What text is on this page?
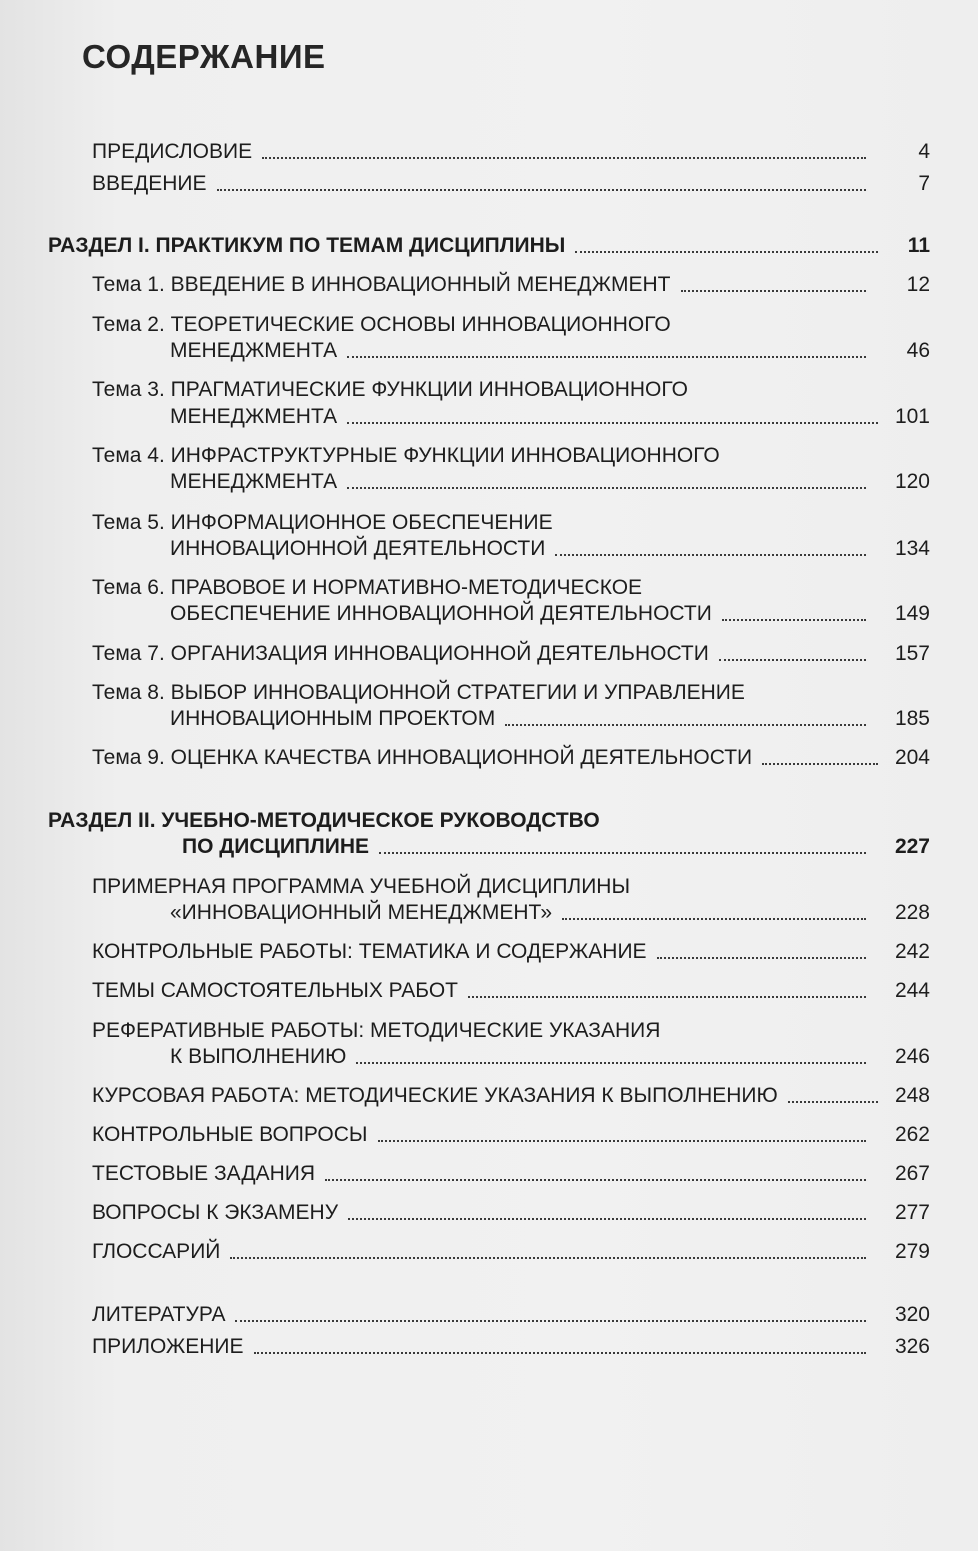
СОДЕРЖАНИЕ
ПРЕДИСЛОВИЕ	4
ВВЕДЕНИЕ	7
РАЗДЕЛ I. ПРАКТИКУМ ПО ТЕМАМ ДИСЦИПЛИНЫ	11
Тема 1. ВВЕДЕНИЕ В ИННОВАЦИОННЫЙ МЕНЕДЖМЕНТ	12
Тема 2. ТЕОРЕТИЧЕСКИЕ ОСНОВЫ ИННОВАЦИОННОГО
МЕНЕДЖМЕНТА	46
Тема 3. ПРАГМАТИЧЕСКИЕ ФУНКЦИИ ИННОВАЦИОННОГО
МЕНЕДЖМЕНТА	101
Тема 4. ИНФРАСТРУКТУРНЫЕ ФУНКЦИИ ИННОВАЦИОННОГО
МЕНЕДЖМЕНТА	120
Тема 5. ИНФОРМАЦИОННОЕ ОБЕСПЕЧЕНИЕ
ИННОВАЦИОННОЙ ДЕЯТЕЛЬНОСТИ	134
Тема 6. ПРАВОВОЕ И НОРМАТИВНО-МЕТОДИЧЕСКОЕ
ОБЕСПЕЧЕНИЕ ИННОВАЦИОННОЙ ДЕЯТЕЛЬНОСТИ	149
Тема 7. ОРГАНИЗАЦИЯ ИННОВАЦИОННОЙ ДЕЯТЕЛЬНОСТИ	157
Тема 8. ВЫБОР ИННОВАЦИОННОЙ СТРАТЕГИИ И УПРАВЛЕНИЕ
ИННОВАЦИОННЫМ ПРОЕКТОМ	185
Тема 9. ОЦЕНКА КАЧЕСТВА ИННОВАЦИОННОЙ ДЕЯТЕЛЬНОСТИ	204
РАЗДЕЛ II. УЧЕБНО-МЕТОДИЧЕСКОЕ РУКОВОДСТВО
ПО ДИСЦИПЛИНЕ	227
ПРИМЕРНАЯ ПРОГРАММА УЧЕБНОЙ ДИСЦИПЛИНЫ
«ИННОВАЦИОННЫЙ МЕНЕДЖМЕНТ»	228
КОНТРОЛЬНЫЕ РАБОТЫ: ТЕМАТИКА И СОДЕРЖАНИЕ	242
ТЕМЫ САМОСТОЯТЕЛЬНЫХ РАБОТ	244
РЕФЕРАТИВНЫЕ РАБОТЫ: МЕТОДИЧЕСКИЕ УКАЗАНИЯ
К ВЫПОЛНЕНИЮ	246
КУРСОВАЯ РАБОТА: МЕТОДИЧЕСКИЕ УКАЗАНИЯ К ВЫПОЛНЕНИЮ	248
КОНТРОЛЬНЫЕ ВОПРОСЫ	262
ТЕСТОВЫЕ ЗАДАНИЯ	267
ВОПРОСЫ К ЭКЗАМЕНУ	277
ГЛОССАРИЙ	279
ЛИТЕРАТУРА	320
ПРИЛОЖЕНИЕ	326
